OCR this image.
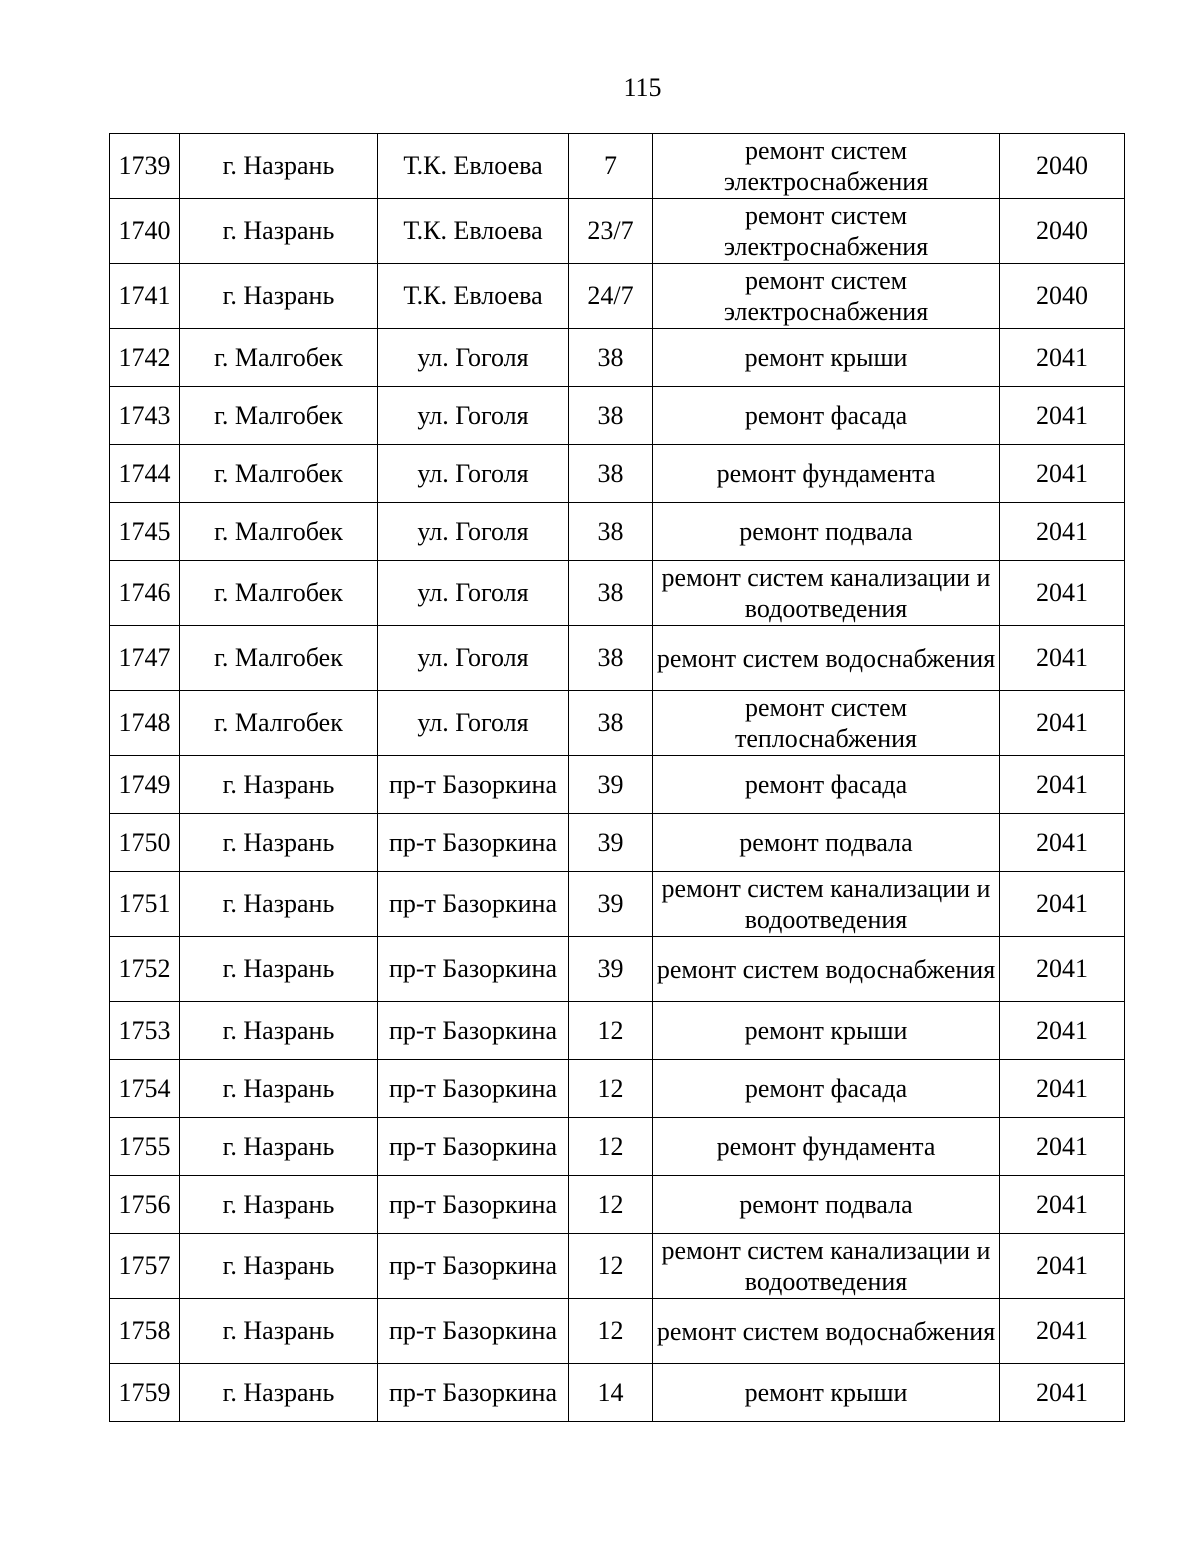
115
1739	г. Назрань	Т.К. Евлоева	7	ремонт систем электроснабжения	2040
1740	г. Назрань	Т.К. Евлоева	23/7	ремонт систем электроснабжения	2040
1741	г. Назрань	Т.К. Евлоева	24/7	ремонт систем электроснабжения	2040
1742	г. Малгобек	ул. Гоголя	38	ремонт крыши	2041
1743	г. Малгобек	ул. Гоголя	38	ремонт фасада	2041
1744	г. Малгобек	ул. Гоголя	38	ремонт фундамента	2041
1745	г. Малгобек	ул. Гоголя	38	ремонт подвала	2041
1746	г. Малгобек	ул. Гоголя	38	ремонт систем канализации и водоотведения	2041
1747	г. Малгобек	ул. Гоголя	38	ремонт систем водоснабжения	2041
1748	г. Малгобек	ул. Гоголя	38	ремонт систем теплоснабжения	2041
1749	г. Назрань	пр-т Базоркина	39	ремонт фасада	2041
1750	г. Назрань	пр-т Базоркина	39	ремонт подвала	2041
1751	г. Назрань	пр-т Базоркина	39	ремонт систем канализации и водоотведения	2041
1752	г. Назрань	пр-т Базоркина	39	ремонт систем водоснабжения	2041
1753	г. Назрань	пр-т Базоркина	12	ремонт крыши	2041
1754	г. Назрань	пр-т Базоркина	12	ремонт фасада	2041
1755	г. Назрань	пр-т Базоркина	12	ремонт фундамента	2041
1756	г. Назрань	пр-т Базоркина	12	ремонт подвала	2041
1757	г. Назрань	пр-т Базоркина	12	ремонт систем канализации и водоотведения	2041
1758	г. Назрань	пр-т Базоркина	12	ремонт систем водоснабжения	2041
1759	г. Назрань	пр-т Базоркина	14	ремонт крыши	2041
